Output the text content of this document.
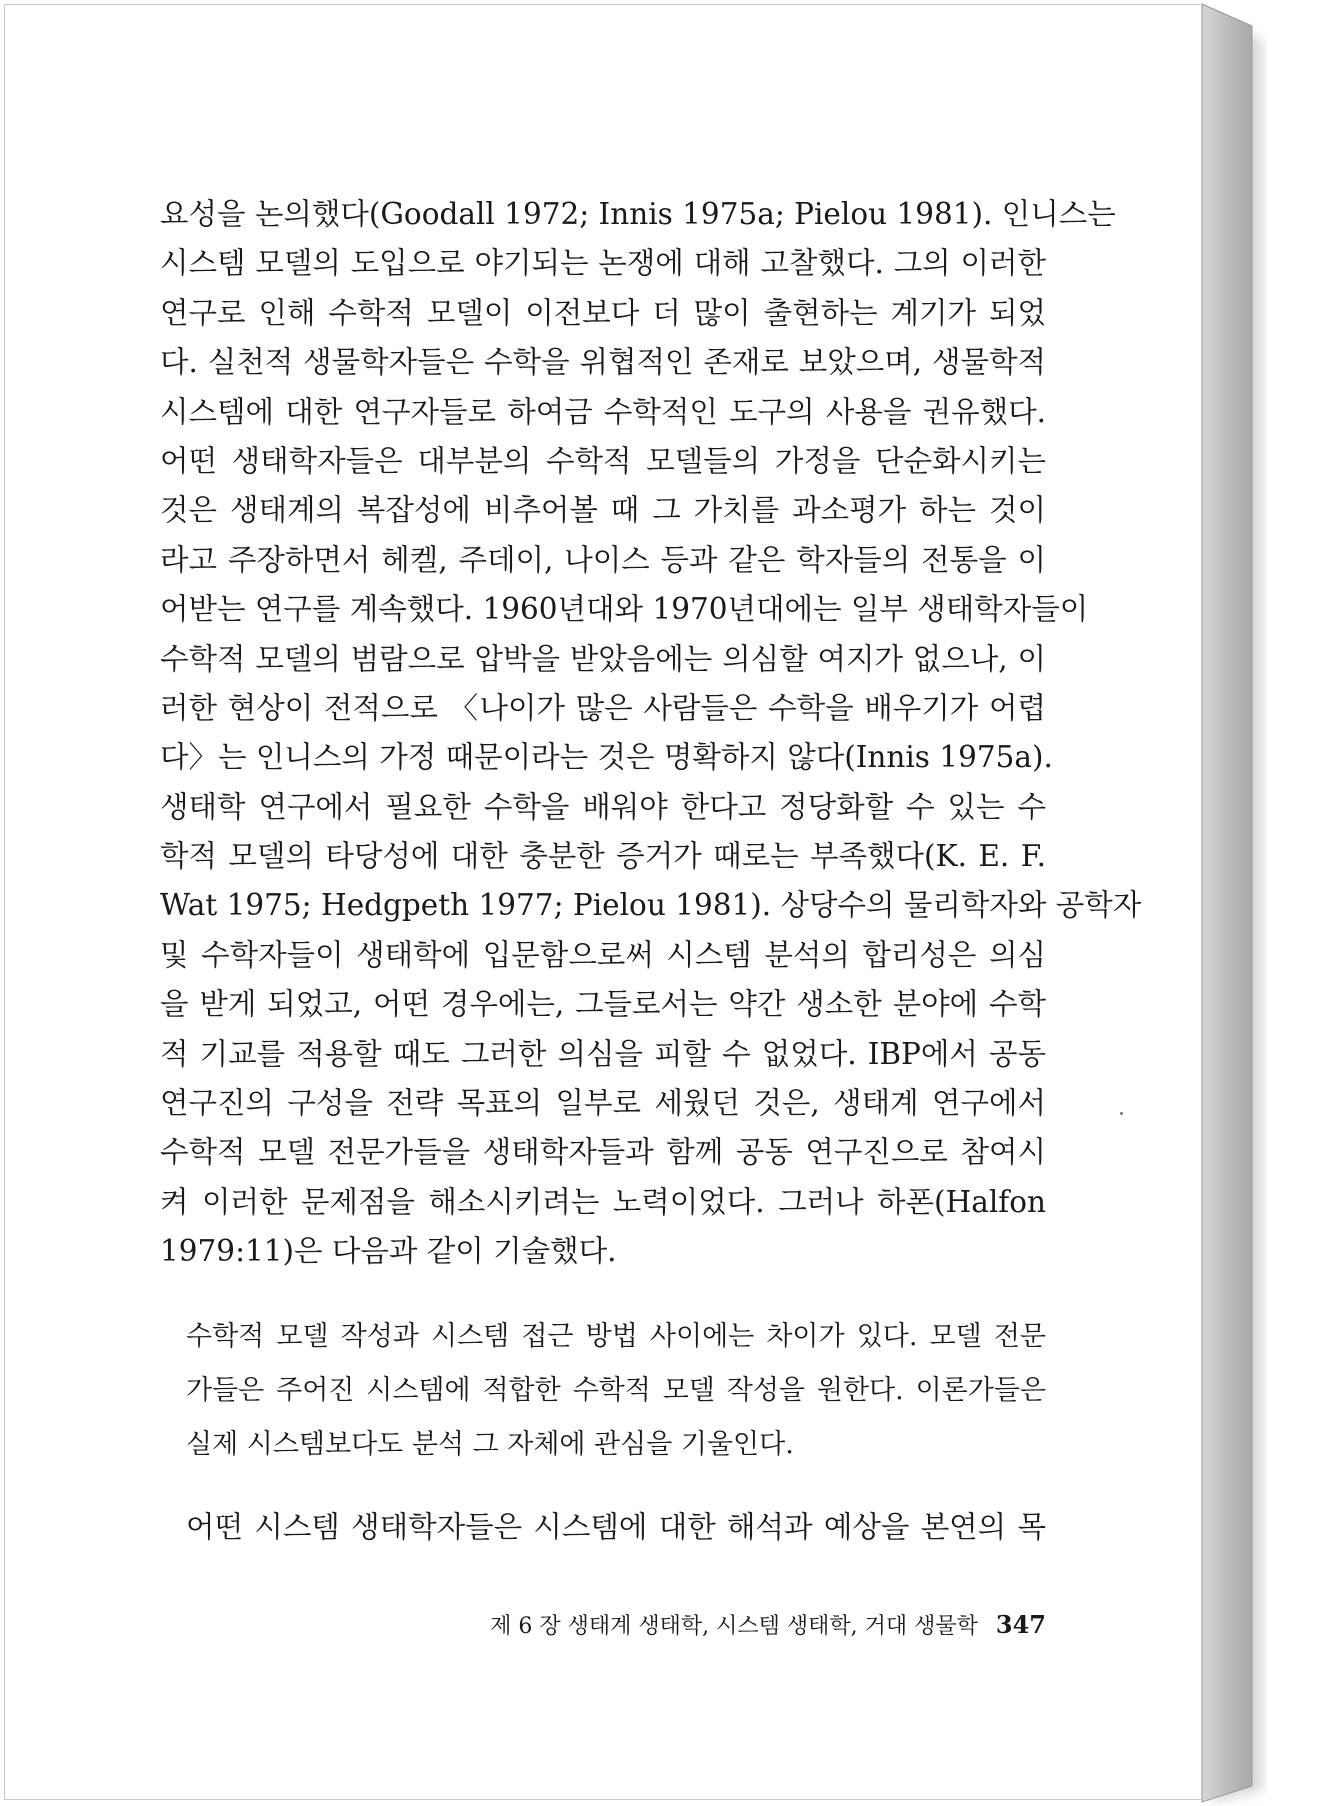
요성을 논의했다(Goodall 1972; Innis 1975a; Pielou 1981). 인니스는
시스템 모델의 도입으로 야기되는 논쟁에 대해 고찰했다. 그의 이러한
연구로 인해 수학적 모델이 이전보다 더 많이 출현하는 계기가 되었
다. 실천적 생물학자들은 수학을 위협적인 존재로 보았으며, 생물학적
시스템에 대한 연구자들로 하여금 수학적인 도구의 사용을 권유했다.
어떤 생태학자들은 대부분의 수학적 모델들의 가정을 단순화시키는
것은 생태계의 복잡성에 비추어볼 때 그 가치를 과소평가 하는 것이
라고 주장하면서 헤켈, 주데이, 나이스 등과 같은 학자들의 전통을 이
어받는 연구를 계속했다. 1960년대와 1970년대에는 일부 생태학자들이
수학적 모델의 범람으로 압박을 받았음에는 의심할 여지가 없으나, 이
러한 현상이 전적으로 〈나이가 많은 사람들은 수학을 배우기가 어렵
다〉는 인니스의 가정 때문이라는 것은 명확하지 않다(Innis 1975a).
생태학 연구에서 필요한 수학을 배워야 한다고 정당화할 수 있는 수
학적 모델의 타당성에 대한 충분한 증거가 때로는 부족했다(K. E. F.
Wat 1975; Hedgpeth 1977; Pielou 1981). 상당수의 물리학자와 공학자
및 수학자들이 생태학에 입문함으로써 시스템 분석의 합리성은 의심
을 받게 되었고, 어떤 경우에는, 그들로서는 약간 생소한 분야에 수학
적 기교를 적용할 때도 그러한 의심을 피할 수 없었다. IBP에서 공동
연구진의 구성을 전략 목표의 일부로 세웠던 것은, 생태계 연구에서
수학적 모델 전문가들을 생태학자들과 함께 공동 연구진으로 참여시
켜 이러한 문제점을 해소시키려는 노력이었다. 그러나 하폰(Halfon
1979:11)은 다음과 같이 기술했다.
수학적 모델 작성과 시스템 접근 방법 사이에는 차이가 있다. 모델 전문
가들은 주어진 시스템에 적합한 수학적 모델 작성을 원한다. 이론가들은
실제 시스템보다도 분석 그 자체에 관심을 기울인다.
어떤 시스템 생태학자들은 시스템에 대한 해석과 예상을 본연의 목
제 6 장 생태계 생태학, 시스템 생태학, 거대 생물학 347
